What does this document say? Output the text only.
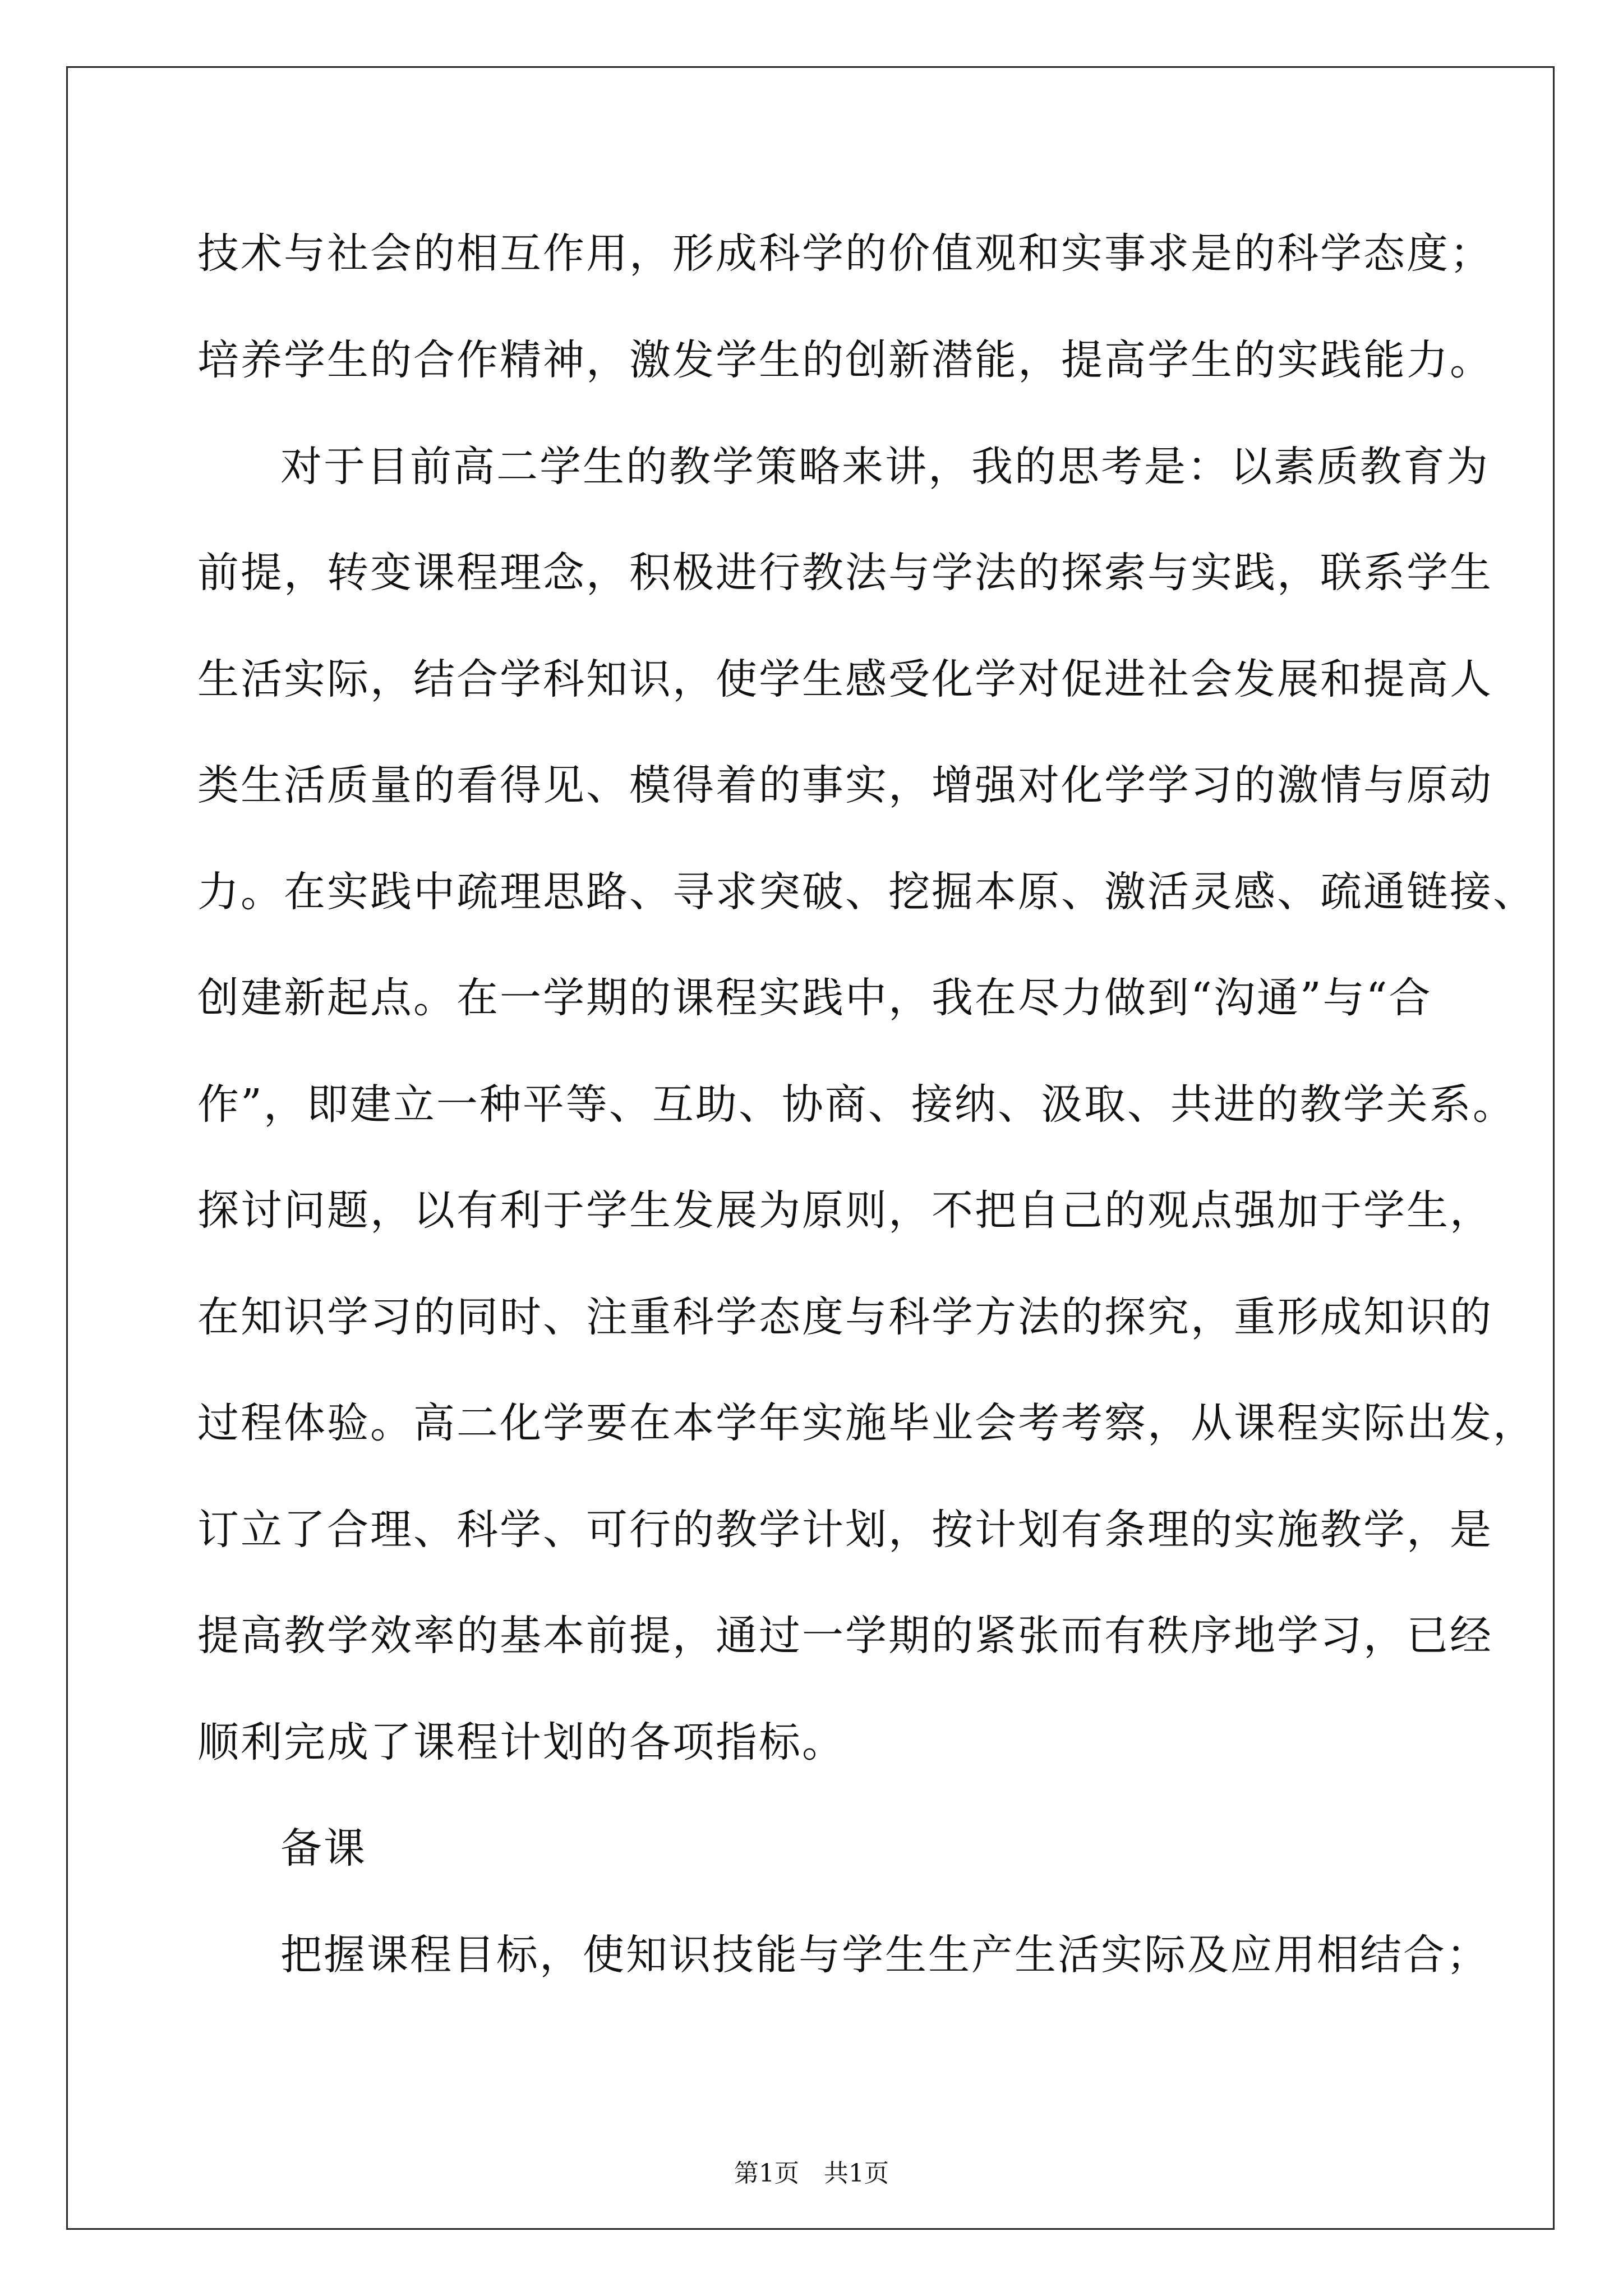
技术与社会的相互作用，形成科学的价值观和实事求是的科学态度；
培养学生的合作精神，激发学生的创新潜能，提高学生的实践能力。
对于目前高二学生的教学策略来讲，我的思考是：以素质教育为
前提，转变课程理念，积极进行教法与学法的探索与实践，联系学生
生活实际，结合学科知识，使学生感受化学对促进社会发展和提高人
类生活质量的看得见、模得着的事实，增强对化学学习的激情与原动
力。在实践中疏理思路、寻求突破、挖掘本原、激活灵感、疏通链接、
创建新起点。在一学期的课程实践中，我在尽力做到“沟通”与“合
作”，即建立一种平等、互助、协商、接纳、汲取、共进的教学关系。
探讨问题，以有利于学生发展为原则，不把自己的观点强加于学生，
在知识学习的同时、注重科学态度与科学方法的探究，重形成知识的
过程体验。高二化学要在本学年实施毕业会考考察，从课程实际出发，
订立了合理、科学、可行的教学计划，按计划有条理的实施教学，是
提高教学效率的基本前提，通过一学期的紧张而有秩序地学习，已经
顺利完成了课程计划的各项指标。
备课
把握课程目标，使知识技能与学生生产生活实际及应用相结合；
第1页　共1页
